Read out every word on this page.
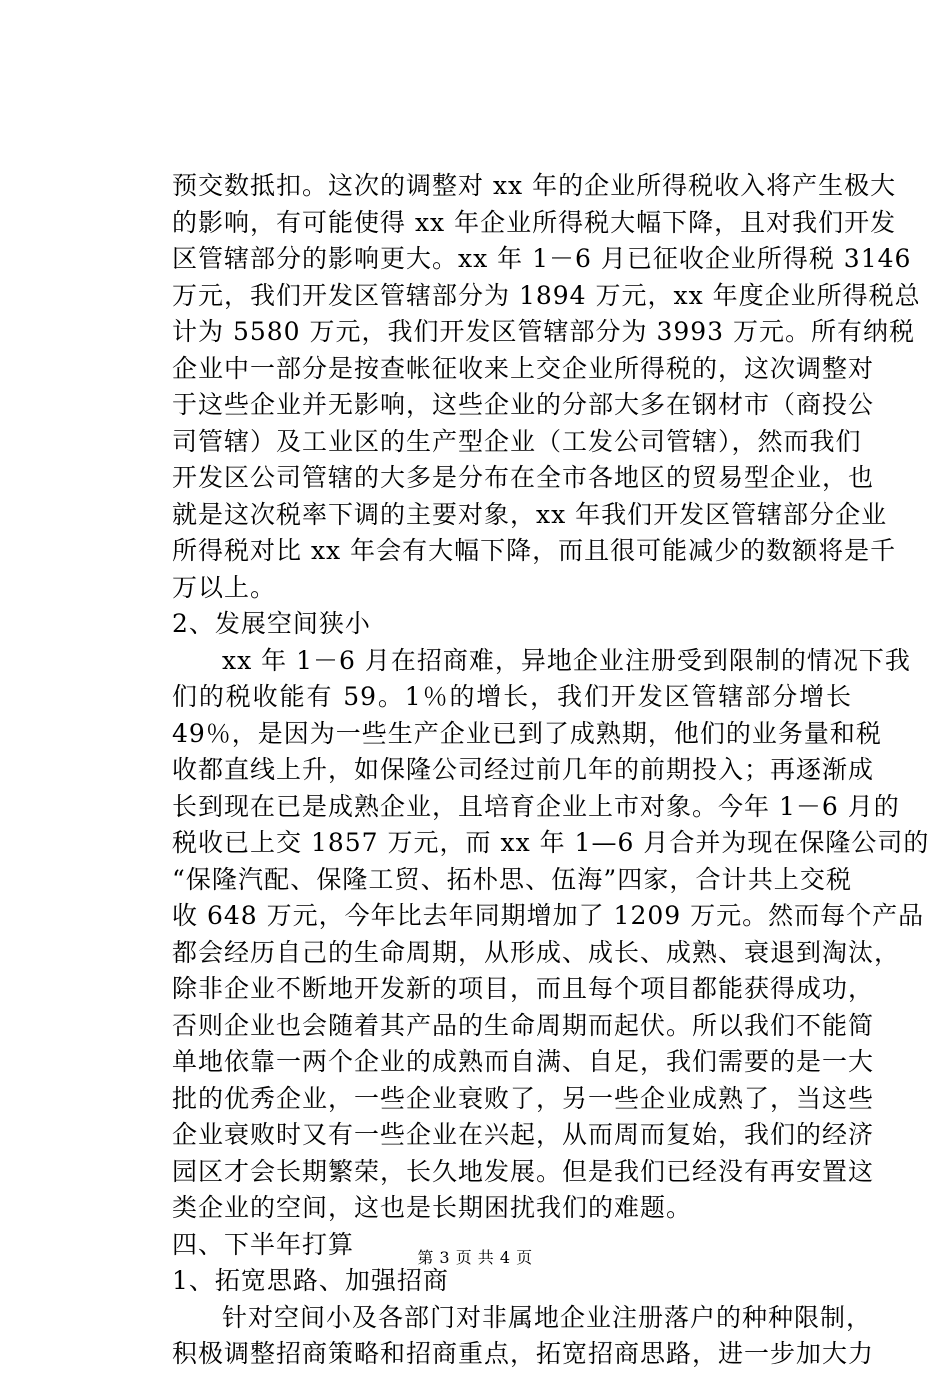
预交数抵扣。这次的调整对 xx 年的企业所得税收入将产生极大
的影响，有可能使得 xx 年企业所得税大幅下降，且对我们开发
区管辖部分的影响更大。xx 年 1－6 月已征收企业所得税 3146
万元，我们开发区管辖部分为 1894 万元，xx 年度企业所得税总
计为 5580 万元，我们开发区管辖部分为 3993 万元。所有纳税
企业中一部分是按查帐征收来上交企业所得税的，这次调整对
于这些企业并无影响，这些企业的分部大多在钢材市（商投公
司管辖）及工业区的生产型企业（工发公司管辖），然而我们
开发区公司管辖的大多是分布在全市各地区的贸易型企业，也
就是这次税率下调的主要对象，xx 年我们开发区管辖部分企业
所得税对比 xx 年会有大幅下降，而且很可能减少的数额将是千
万以上。
2、发展空间狭小
xx 年 1－6 月在招商难，异地企业注册受到限制的情况下我
们的税收能有 59。1％的增长，我们开发区管辖部分增长
49％，是因为一些生产企业已到了成熟期，他们的业务量和税
收都直线上升，如保隆公司经过前几年的前期投入；再逐渐成
长到现在已是成熟企业，且培育企业上市对象。今年 1－6 月的
税收已上交 1857 万元，而 xx 年 1—6 月合并为现在保隆公司的
“保隆汽配、保隆工贸、拓朴思、伍海”四家，合计共上交税
收 648 万元，今年比去年同期增加了 1209 万元。然而每个产品
都会经历自己的生命周期，从形成、成长、成熟、衰退到淘汰，
除非企业不断地开发新的项目，而且每个项目都能获得成功，
否则企业也会随着其产品的生命周期而起伏。所以我们不能简
单地依靠一两个企业的成熟而自满、自足，我们需要的是一大
批的优秀企业，一些企业衰败了，另一些企业成熟了，当这些
企业衰败时又有一些企业在兴起，从而周而复始，我们的经济
园区才会长期繁荣，长久地发展。但是我们已经没有再安置这
类企业的空间，这也是长期困扰我们的难题。
四、下半年打算
1、拓宽思路、加强招商
针对空间小及各部门对非属地企业注册落户的种种限制，
积极调整招商策略和招商重点，拓宽招商思路，进一步加大力
第 3 页 共 4 页
